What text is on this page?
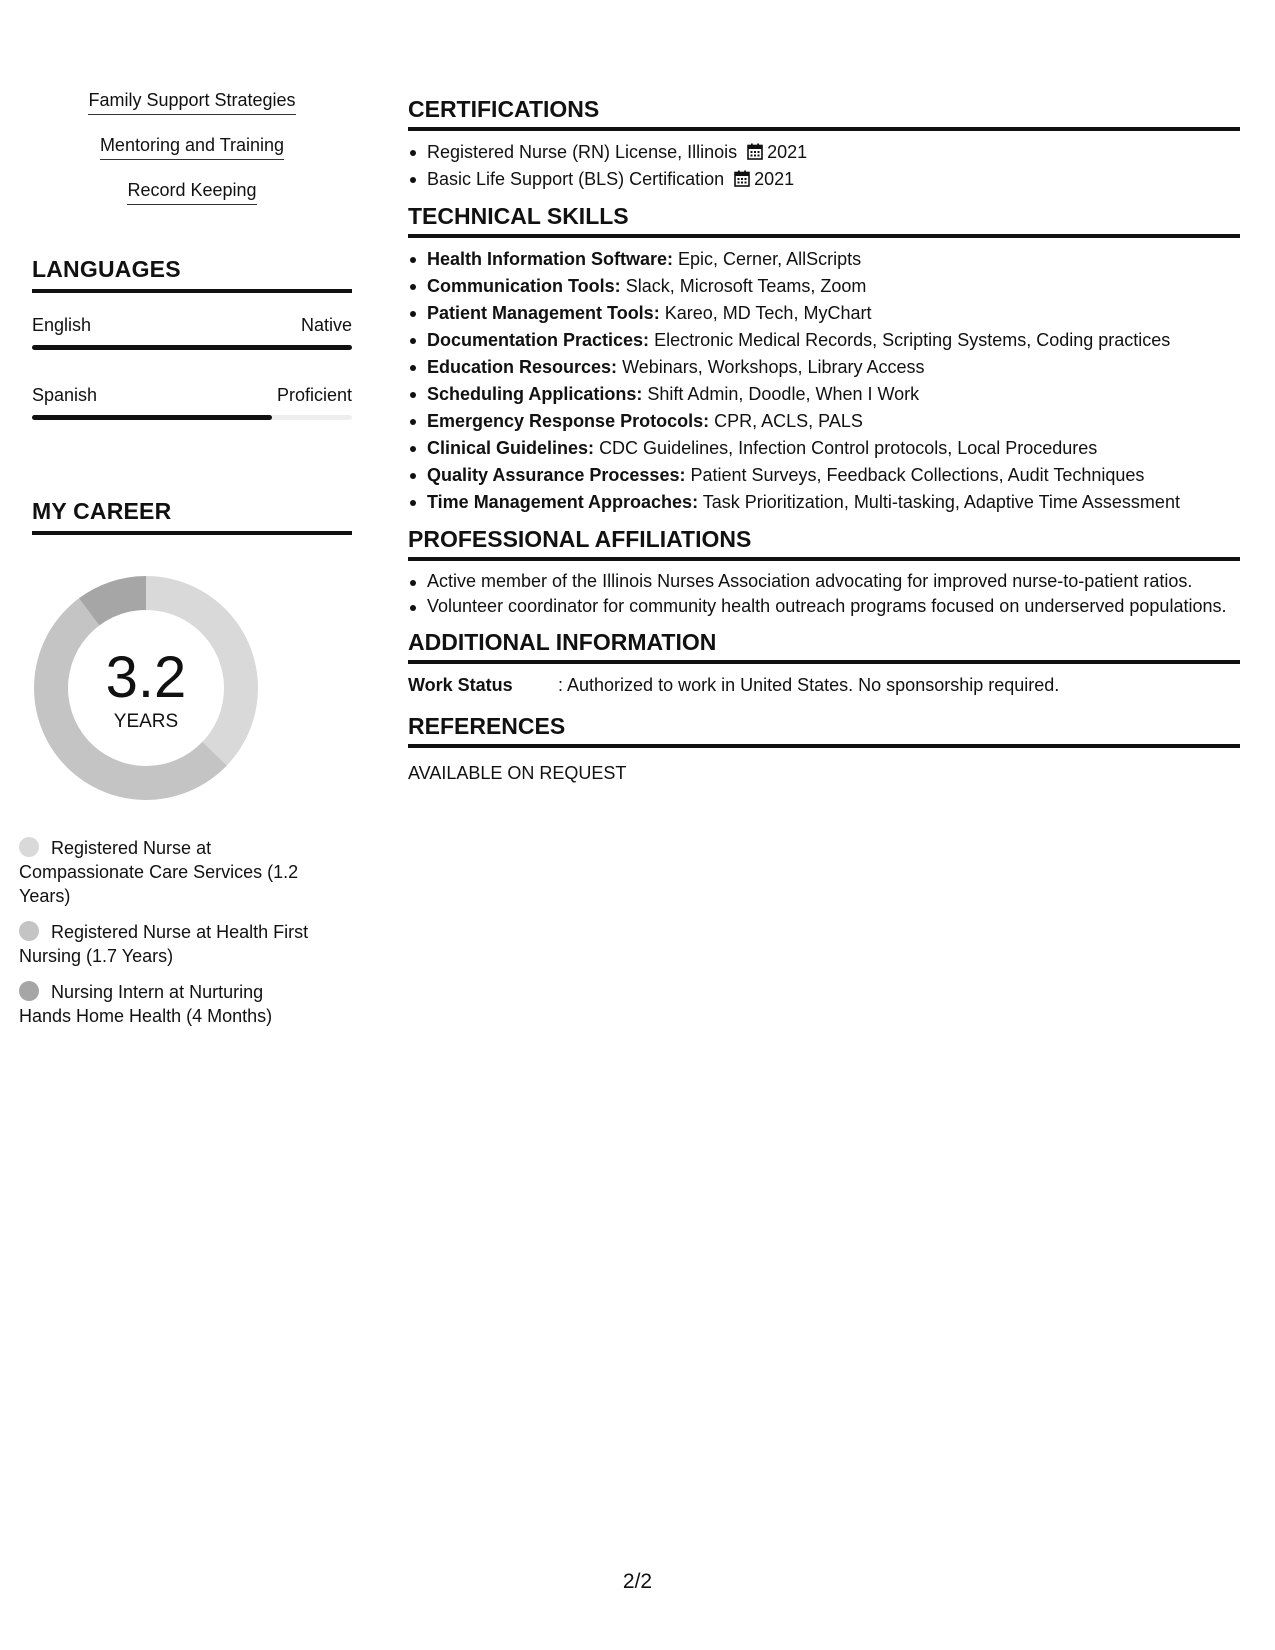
Family Support Strategies
Mentoring and Training
Record Keeping
LANGUAGES
English	Native
Spanish	Proficient
MY CAREER
3.2
YEARS
Registered Nurse at Compassionate Care Services (1.2 Years)
Registered Nurse at Health First Nursing (1.7 Years)
Nursing Intern at Nurturing Hands Home Health (4 Months)
CERTIFICATIONS
Registered Nurse (RN) License, Illinois 2021
Basic Life Support (BLS) Certification 2021
TECHNICAL SKILLS
Health Information Software: Epic, Cerner, AllScripts
Communication Tools: Slack, Microsoft Teams, Zoom
Patient Management Tools: Kareo, MD Tech, MyChart
Documentation Practices: Electronic Medical Records, Scripting Systems, Coding practices
Education Resources: Webinars, Workshops, Library Access
Scheduling Applications: Shift Admin, Doodle, When I Work
Emergency Response Protocols: CPR, ACLS, PALS
Clinical Guidelines: CDC Guidelines, Infection Control protocols, Local Procedures
Quality Assurance Processes: Patient Surveys, Feedback Collections, Audit Techniques
Time Management Approaches: Task Prioritization, Multi-tasking, Adaptive Time Assessment
PROFESSIONAL AFFILIATIONS
Active member of the Illinois Nurses Association advocating for improved nurse-to-patient ratios.
Volunteer coordinator for community health outreach programs focused on underserved populations.
ADDITIONAL INFORMATION
Work Status	: Authorized to work in United States. No sponsorship required.
REFERENCES
AVAILABLE ON REQUEST
2/2
